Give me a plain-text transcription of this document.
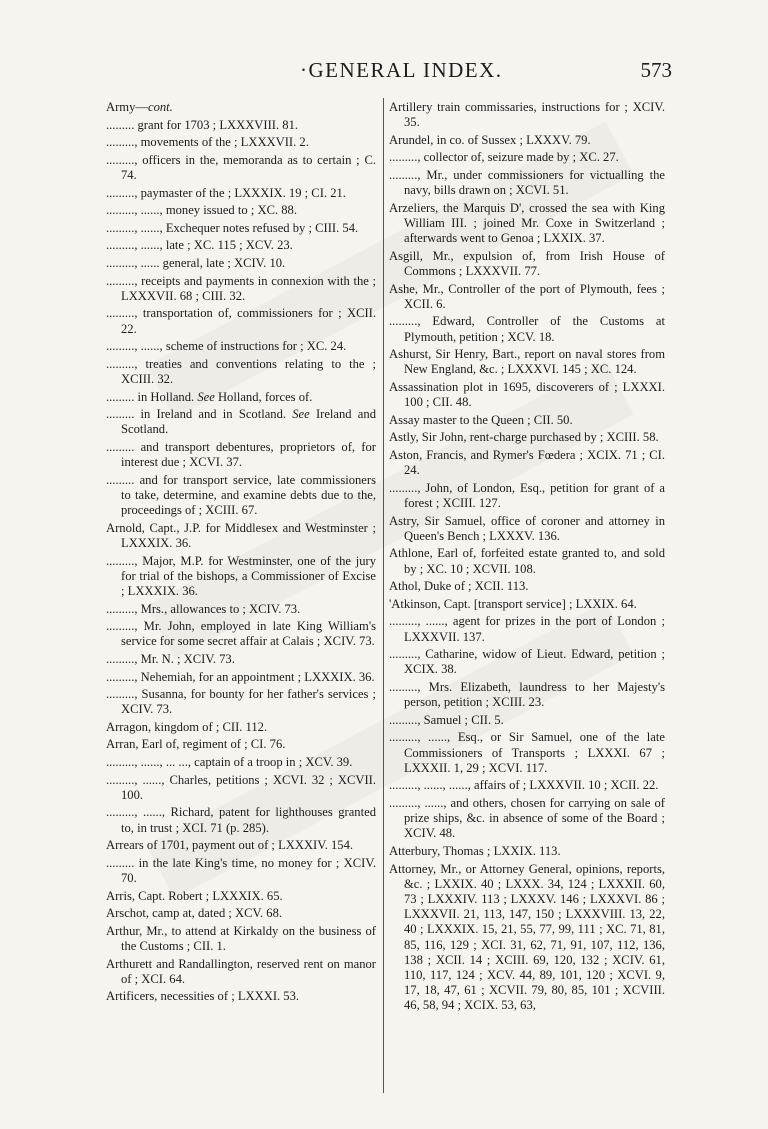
·GENERAL INDEX.	573

Army—cont.

......... grant for 1703 ; LXXXVIII. 81.

........., movements of the ; LXXXVII. 2.

........., officers in the, memoranda as to certain ; C. 74.

........., paymaster of the ; LXXXIX. 19 ; CI. 21.

........., ......, money issued to ; XC. 88.

........., ......, Exchequer notes refused by ; CIII. 54.

........., ......, late ; XC. 115 ; XCV. 23.

........., ...... general, late ; XCIV. 10.

........., receipts and payments in connexion with the ; LXXXVII. 68 ; CIII. 32.

........., transportation of, commissioners for ; XCII. 22.

........., ......, scheme of instructions for ; XC. 24.

........., treaties and conventions relating to the ; XCIII. 32.

......... in Holland. See Holland, forces of.

......... in Ireland and in Scotland. See Ireland and Scotland.

......... and transport debentures, proprietors of, for interest due ; XCVI. 37.

......... and for transport service, late commissioners to take, determine, and examine debts due to the, proceedings of ; XCIII. 67.

Arnold, Capt., J.P. for Middlesex and Westminster ; LXXXIX. 36.

........., Major, M.P. for Westminster, one of the jury for trial of the bishops, a Commissioner of Excise ; LXXXIX. 36.

........., Mrs., allowances to ; XCIV. 73.

........., Mr. John, employed in late King William's service for some secret affair at Calais ; XCIV. 73.

........., Mr. N. ; XCIV. 73.

........., Nehemiah, for an appointment ; LXXXIX. 36.

........., Susanna, for bounty for her father's services ; XCIV. 73.

Arragon, kingdom of ; CII. 112.

Arran, Earl of, regiment of ; CI. 76.

........., ......, ... ..., captain of a troop in ; XCV. 39.

........., ......, Charles, petitions ; XCVI. 32 ; XCVII. 100.

........., ......, Richard, patent for lighthouses granted to, in trust ; XCI. 71 (p. 285).

Arrears of 1701, payment out of ; LXXXIV. 154.

......... in the late King's time, no money for ; XCIV. 70.

Arris, Capt. Robert ; LXXXIX. 65.

Arschot, camp at, dated ; XCV. 68.

Arthur, Mr., to attend at Kirkaldy on the business of the Customs ; CII. 1.

Arthurett and Randallington, reserved rent on manor of ; XCI. 64.

Artificers, necessities of ; LXXXI. 53.

Artillery train commissaries, instructions for ; XCIV. 35.

Arundel, in co. of Sussex ; LXXXV. 79.

........., collector of, seizure made by ; XC. 27.

........., Mr., under commissioners for victualling the navy, bills drawn on ; XCVI. 51.

Arzeliers, the Marquis D', crossed the sea with King William III. ; joined Mr. Coxe in Switzerland ; afterwards went to Genoa ; LXXIX. 37.

Asgill, Mr., expulsion of, from Irish House of Commons ; LXXXVII. 77.

Ashe, Mr., Controller of the port of Plymouth, fees ; XCII. 6.

........., Edward, Controller of the Customs at Plymouth, petition ; XCV. 18.

Ashurst, Sir Henry, Bart., report on naval stores from New England, &c. ; LXXXVI. 145 ; XC. 124.

Assassination plot in 1695, discoverers of ; LXXXI. 100 ; CII. 48.

Assay master to the Queen ; CII. 50.

Astly, Sir John, rent-charge purchased by ; XCIII. 58.

Aston, Francis, and Rymer's Fœdera ; XCIX. 71 ; CI. 24.

........., John, of London, Esq., petition for grant of a forest ; XCIII. 127.

Astry, Sir Samuel, office of coroner and attorney in Queen's Bench ; LXXXV. 136.

Athlone, Earl of, forfeited estate granted to, and sold by ; XC. 10 ; XCVII. 108.

Athol, Duke of ; XCII. 113.

'Atkinson, Capt. [transport service] ; LXXIX. 64.

........., ......, agent for prizes in the port of London ; LXXXVII. 137.

........., Catharine, widow of Lieut. Edward, petition ; XCIX. 38.

........., Mrs. Elizabeth, laundress to her Majesty's person, petition ; XCIII. 23.

........., Samuel ; CII. 5.

........., ......, Esq., or Sir Samuel, one of the late Commissioners of Transports ; LXXXI. 67 ; LXXXII. 1, 29 ; XCVI. 117.

........., ......, ......, affairs of ; LXXXVII. 10 ; XCII. 22.

........., ......, and others, chosen for carrying on sale of prize ships, &c. in absence of some of the Board ; XCIV. 48.

Atterbury, Thomas ; LXXIX. 113.

Attorney, Mr., or Attorney General, opinions, reports, &c. ; LXXIX. 40 ; LXXX. 34, 124 ; LXXXII. 60, 73 ; LXXXIV. 113 ; LXXXV. 146 ; LXXXVI. 86 ; LXXXVII. 21, 113, 147, 150 ; LXXXVIII. 13, 22, 40 ; LXXXIX. 15, 21, 55, 77, 99, 111 ; XC. 71, 81, 85, 116, 129 ; XCI. 31, 62, 71, 91, 107, 112, 136, 138 ; XCII. 14 ; XCIII. 69, 120, 132 ; XCIV. 61, 110, 117, 124 ; XCV. 44, 89, 101, 120 ; XCVI. 9, 17, 18, 47, 61 ; XCVII. 79, 80, 85, 101 ; XCVIII. 46, 58, 94 ; XCIX. 53, 63,
